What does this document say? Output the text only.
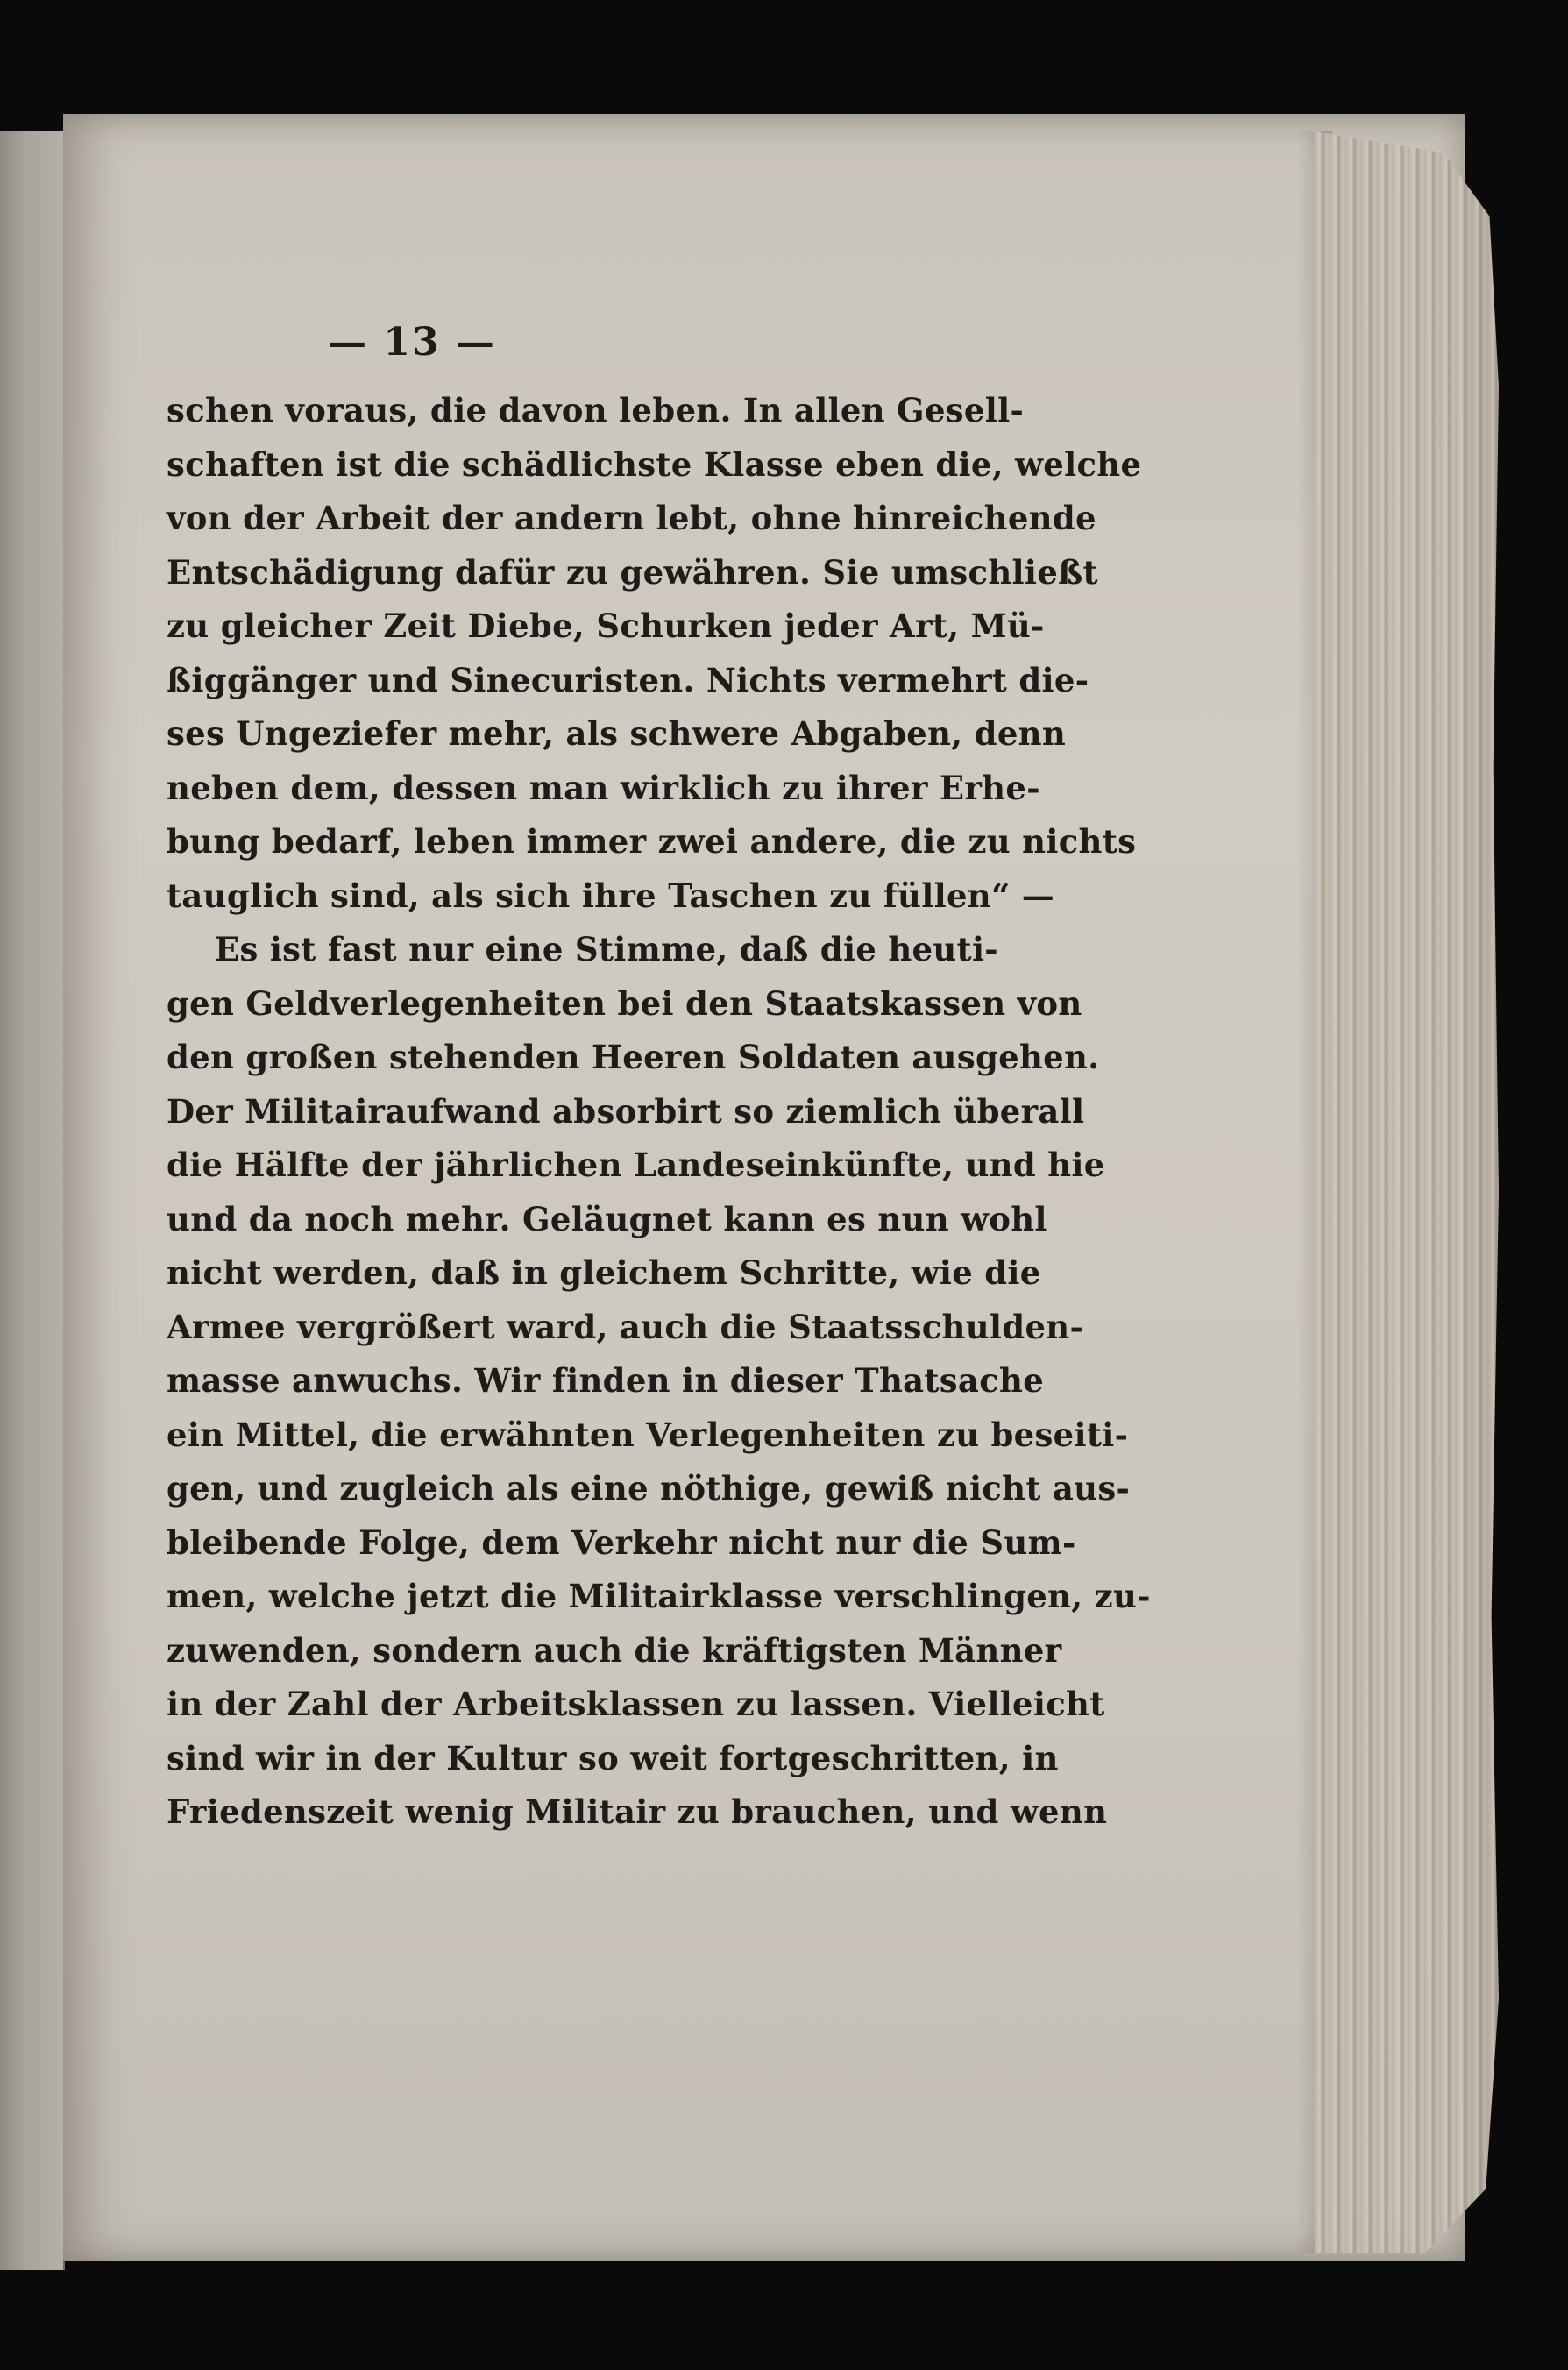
— 13 —
schen voraus, die davon leben. In allen Gesell-
schaften ist die schädlichste Klasse eben die, welche
von der Arbeit der andern lebt, ohne hinreichende
Entschädigung dafür zu gewähren. Sie umschließt
zu gleicher Zeit Diebe, Schurken jeder Art, Mü-
ßiggänger und Sinecuristen. Nichts vermehrt die-
ses Ungeziefer mehr, als schwere Abgaben, denn
neben dem, dessen man wirklich zu ihrer Erhe-
bung bedarf, leben immer zwei andere, die zu nichts
tauglich sind, als sich ihre Taschen zu füllen“ —
Es ist fast nur eine Stimme, daß die heuti-
gen Geldverlegenheiten bei den Staatskassen von
den großen stehenden Heeren Soldaten ausgehen.
Der Militairaufwand absorbirt so ziemlich überall
die Hälfte der jährlichen Landeseinkünfte, und hie
und da noch mehr. Geläugnet kann es nun wohl
nicht werden, daß in gleichem Schritte, wie die
Armee vergrößert ward, auch die Staatsschulden-
masse anwuchs. Wir finden in dieser Thatsache
ein Mittel, die erwähnten Verlegenheiten zu beseiti-
gen, und zugleich als eine nöthige, gewiß nicht aus-
bleibende Folge, dem Verkehr nicht nur die Sum-
men, welche jetzt die Militairklasse verschlingen, zu-
zuwenden, sondern auch die kräftigsten Männer
in der Zahl der Arbeitsklassen zu lassen. Vielleicht
sind wir in der Kultur so weit fortgeschritten, in
Friedenszeit wenig Militair zu brauchen, und wenn
